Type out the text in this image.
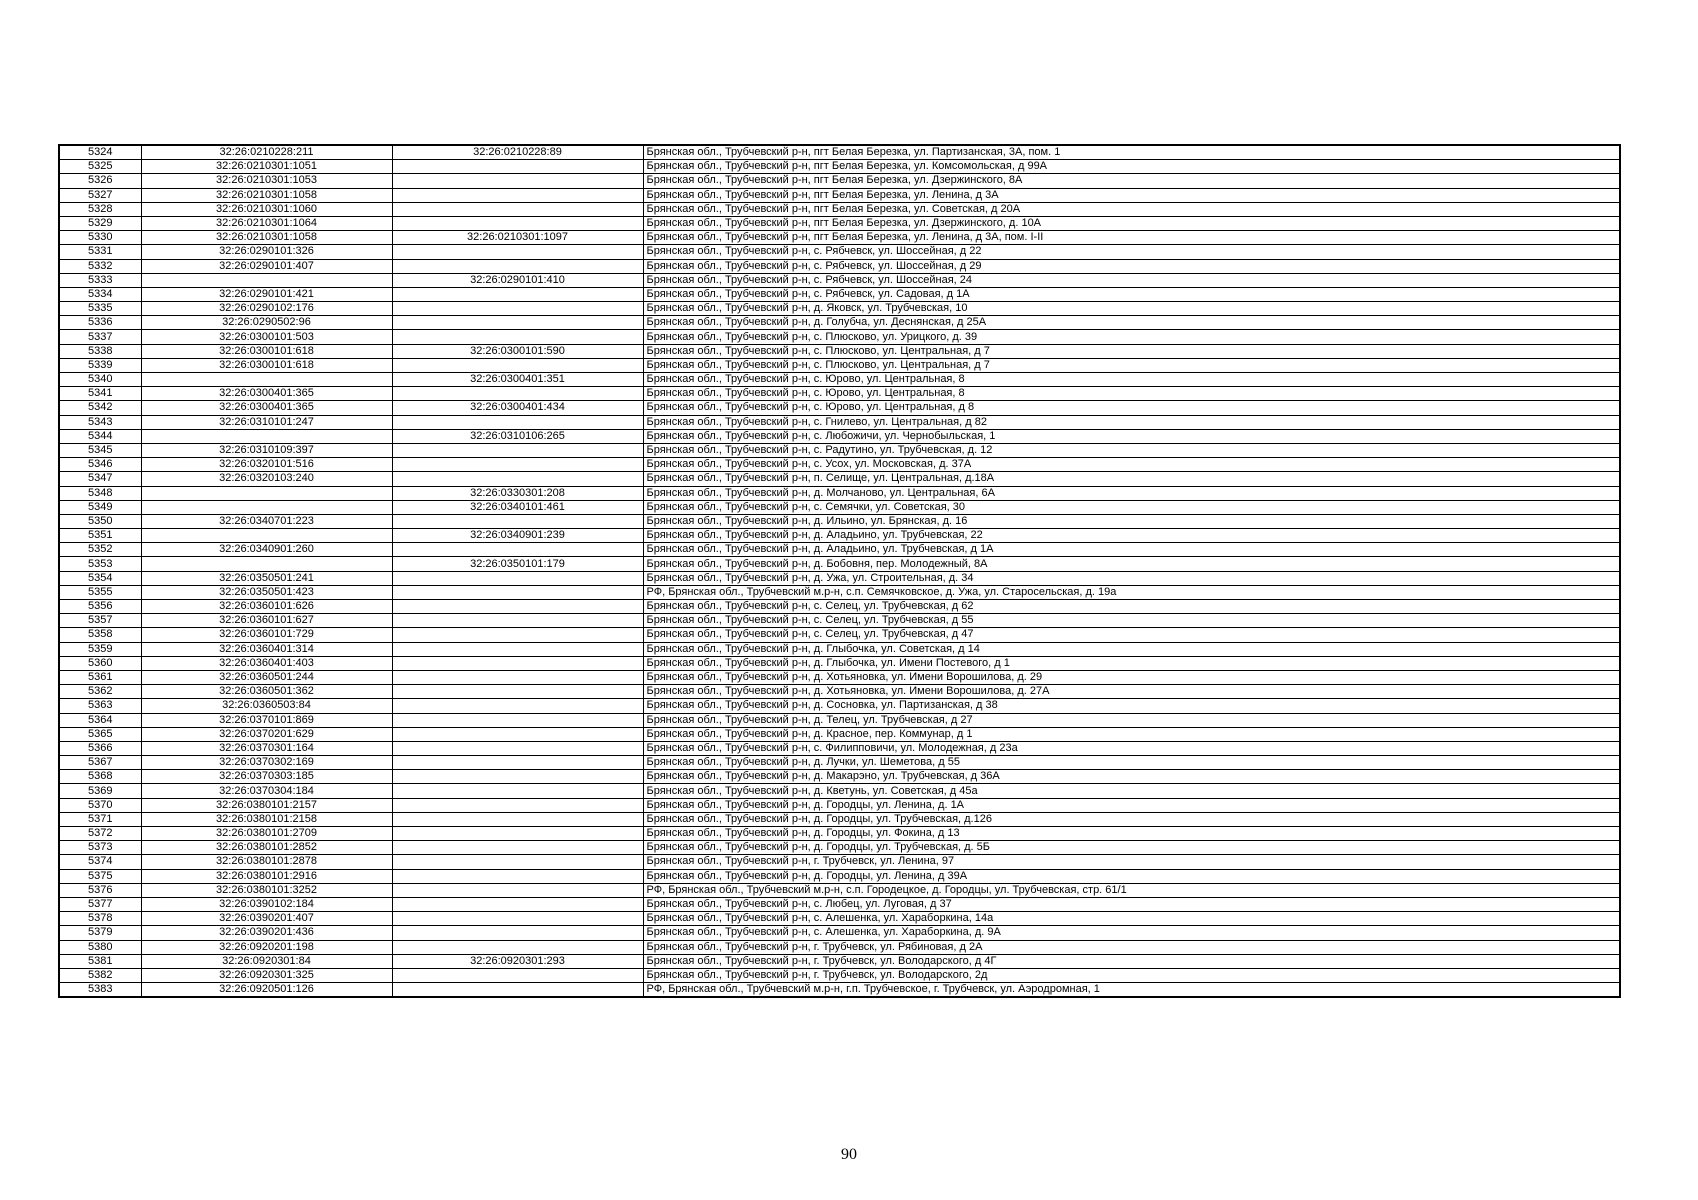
5324	32:26:0210228:211	32:26:0210228:89	Брянская обл., Трубчевский р-н, пгт Белая Березка, ул. Партизанская, 3А, пом. 1
5325	32:26:0210301:1051		Брянская обл., Трубчевский р-н, пгт Белая Березка, ул. Комсомольская, д 99А
5326	32:26:0210301:1053		Брянская обл., Трубчевский р-н, пгт Белая Березка, ул. Дзержинского, 8А
5327	32:26:0210301:1058		Брянская обл., Трубчевский р-н, пгт Белая Березка, ул. Ленина, д 3А
5328	32:26:0210301:1060		Брянская обл., Трубчевский р-н, пгт Белая Березка, ул. Советская, д 20А
5329	32:26:0210301:1064		Брянская обл., Трубчевский р-н, пгт Белая Березка, ул. Дзержинского, д. 10А
5330	32:26:0210301:1058	32:26:0210301:1097	Брянская обл., Трубчевский р-н, пгт Белая Березка, ул. Ленина, д 3А, пом. I-II
5331	32:26:0290101:326		Брянская обл., Трубчевский р-н, с. Рябчевск, ул. Шоссейная, д 22
5332	32:26:0290101:407		Брянская обл., Трубчевский р-н, с. Рябчевск, ул. Шоссейная, д 29
5333		32:26:0290101:410	Брянская обл., Трубчевский р-н, с. Рябчевск, ул. Шоссейная, 24
5334	32:26:0290101:421		Брянская обл., Трубчевский р-н, с. Рябчевск, ул. Садовая, д 1А
5335	32:26:0290102:176		Брянская обл., Трубчевский р-н, д. Яковск, ул. Трубчевская, 10
5336	32:26:0290502:96		Брянская обл., Трубчевский р-н, д. Голубча, ул. Деснянская, д 25А
5337	32:26:0300101:503		Брянская обл., Трубчевский р-н, с. Плюсково, ул. Урицкого, д. 39
5338	32:26:0300101:618	32:26:0300101:590	Брянская обл., Трубчевский р-н, с. Плюсково, ул. Центральная, д 7
5339	32:26:0300101:618		Брянская обл., Трубчевский р-н, с. Плюсково, ул. Центральная, д 7
5340		32:26:0300401:351	Брянская обл., Трубчевский р-н, с. Юрово, ул. Центральная, 8
5341	32:26:0300401:365		Брянская обл., Трубчевский р-н, с. Юрово, ул. Центральная, 8
5342	32:26:0300401:365	32:26:0300401:434	Брянская обл., Трубчевский р-н, с. Юрово, ул. Центральная, д 8
5343	32:26:0310101:247		Брянская обл., Трубчевский р-н, с. Гнилево, ул. Центральная, д 82
5344		32:26:0310106:265	Брянская обл., Трубчевский р-н, с. Любожичи, ул. Чернобыльская, 1
5345	32:26:0310109:397		Брянская обл., Трубчевский р-н, с. Радутино, ул. Трубчевская, д. 12
5346	32:26:0320101:516		Брянская обл., Трубчевский р-н, с. Усох, ул. Московская, д. 37А
5347	32:26:0320103:240		Брянская обл., Трубчевский р-н, п. Селище, ул. Центральная, д.18А
5348		32:26:0330301:208	Брянская обл., Трубчевский р-н, д. Молчаново, ул. Центральная, 6А
5349		32:26:0340101:461	Брянская обл., Трубчевский р-н, с. Семячки, ул. Советская, 30
5350	32:26:0340701:223		Брянская обл., Трубчевский р-н, д. Ильино, ул. Брянская, д. 16
5351		32:26:0340901:239	Брянская обл., Трубчевский р-н, д. Аладьино, ул. Трубчевская, 22
5352	32:26:0340901:260		Брянская обл., Трубчевский р-н, д. Аладьино, ул. Трубчевская, д 1А
5353		32:26:0350101:179	Брянская обл., Трубчевский р-н, д. Бобовня, пер. Молодежный, 8А
5354	32:26:0350501:241		Брянская обл., Трубчевский р-н, д. Ужа, ул. Строительная, д. 34
5355	32:26:0350501:423		РФ, Брянская обл., Трубчевский м.р-н, с.п. Семячковское, д. Ужа, ул. Старосельская, д. 19а
5356	32:26:0360101:626		Брянская обл., Трубчевский р-н, с. Селец, ул. Трубчевская, д 62
5357	32:26:0360101:627		Брянская обл., Трубчевский р-н, с. Селец, ул. Трубчевская, д 55
5358	32:26:0360101:729		Брянская обл., Трубчевский р-н, с. Селец, ул. Трубчевская, д 47
5359	32:26:0360401:314		Брянская обл., Трубчевский р-н, д. Глыбочка, ул. Советская, д 14
5360	32:26:0360401:403		Брянская обл., Трубчевский р-н, д. Глыбочка, ул. Имени Постевого, д 1
5361	32:26:0360501:244		Брянская обл., Трубчевский р-н, д. Хотьяновка, ул. Имени Ворошилова, д. 29
5362	32:26:0360501:362		Брянская обл., Трубчевский р-н, д. Хотьяновка, ул. Имени Ворошилова, д. 27А
5363	32:26:0360503:84		Брянская обл., Трубчевский р-н, д. Сосновка, ул. Партизанская, д 38
5364	32:26:0370101:869		Брянская обл., Трубчевский р-н, д. Телец, ул. Трубчевская, д 27
5365	32:26:0370201:629		Брянская обл., Трубчевский р-н, д. Красное, пер. Коммунар, д 1
5366	32:26:0370301:164		Брянская обл., Трубчевский р-н, с. Филипповичи, ул. Молодежная, д 23а
5367	32:26:0370302:169		Брянская обл., Трубчевский р-н, д. Лучки, ул. Шеметова, д 55
5368	32:26:0370303:185		Брянская обл., Трубчевский р-н, д. Макарэно, ул. Трубчевская, д 36А
5369	32:26:0370304:184		Брянская обл., Трубчевский р-н, д. Кветунь, ул. Советская, д 45а
5370	32:26:0380101:2157		Брянская обл., Трубчевский р-н, д. Городцы, ул. Ленина, д. 1А
5371	32:26:0380101:2158		Брянская обл., Трубчевский р-н, д. Городцы, ул. Трубчевская, д.126
5372	32:26:0380101:2709		Брянская обл., Трубчевский р-н, д. Городцы, ул. Фокина, д 13
5373	32:26:0380101:2852		Брянская обл., Трубчевский р-н, д. Городцы, ул. Трубчевская, д. 5Б
5374	32:26:0380101:2878		Брянская обл., Трубчевский р-н, г. Трубчевск, ул. Ленина, 97
5375	32:26:0380101:2916		Брянская обл., Трубчевский р-н, д. Городцы, ул. Ленина, д 39А
5376	32:26:0380101:3252		РФ, Брянская обл., Трубчевский м.р-н, с.п. Городецкое, д. Городцы, ул. Трубчевская, стр. 61/1
5377	32:26:0390102:184		Брянская обл., Трубчевский р-н, с. Любец, ул. Луговая, д 37
5378	32:26:0390201:407		Брянская обл., Трубчевский р-н, с. Алешенка, ул. Хараборкина, 14а
5379	32:26:0390201:436		Брянская обл., Трубчевский р-н, с. Алешенка, ул. Хараборкина, д. 9А
5380	32:26:0920201:198		Брянская обл., Трубчевский р-н, г. Трубчевск, ул. Рябиновая, д 2А
5381	32:26:0920301:84	32:26:0920301:293	Брянская обл., Трубчевский р-н, г. Трубчевск, ул. Володарского, д 4Г
5382	32:26:0920301:325		Брянская обл., Трубчевский р-н, г. Трубчевск, ул. Володарского, 2д
5383	32:26:0920501:126		РФ, Брянская обл., Трубчевский м.р-н, г.п. Трубчевское, г. Трубчевск, ул. Аэродромная, 1
90
